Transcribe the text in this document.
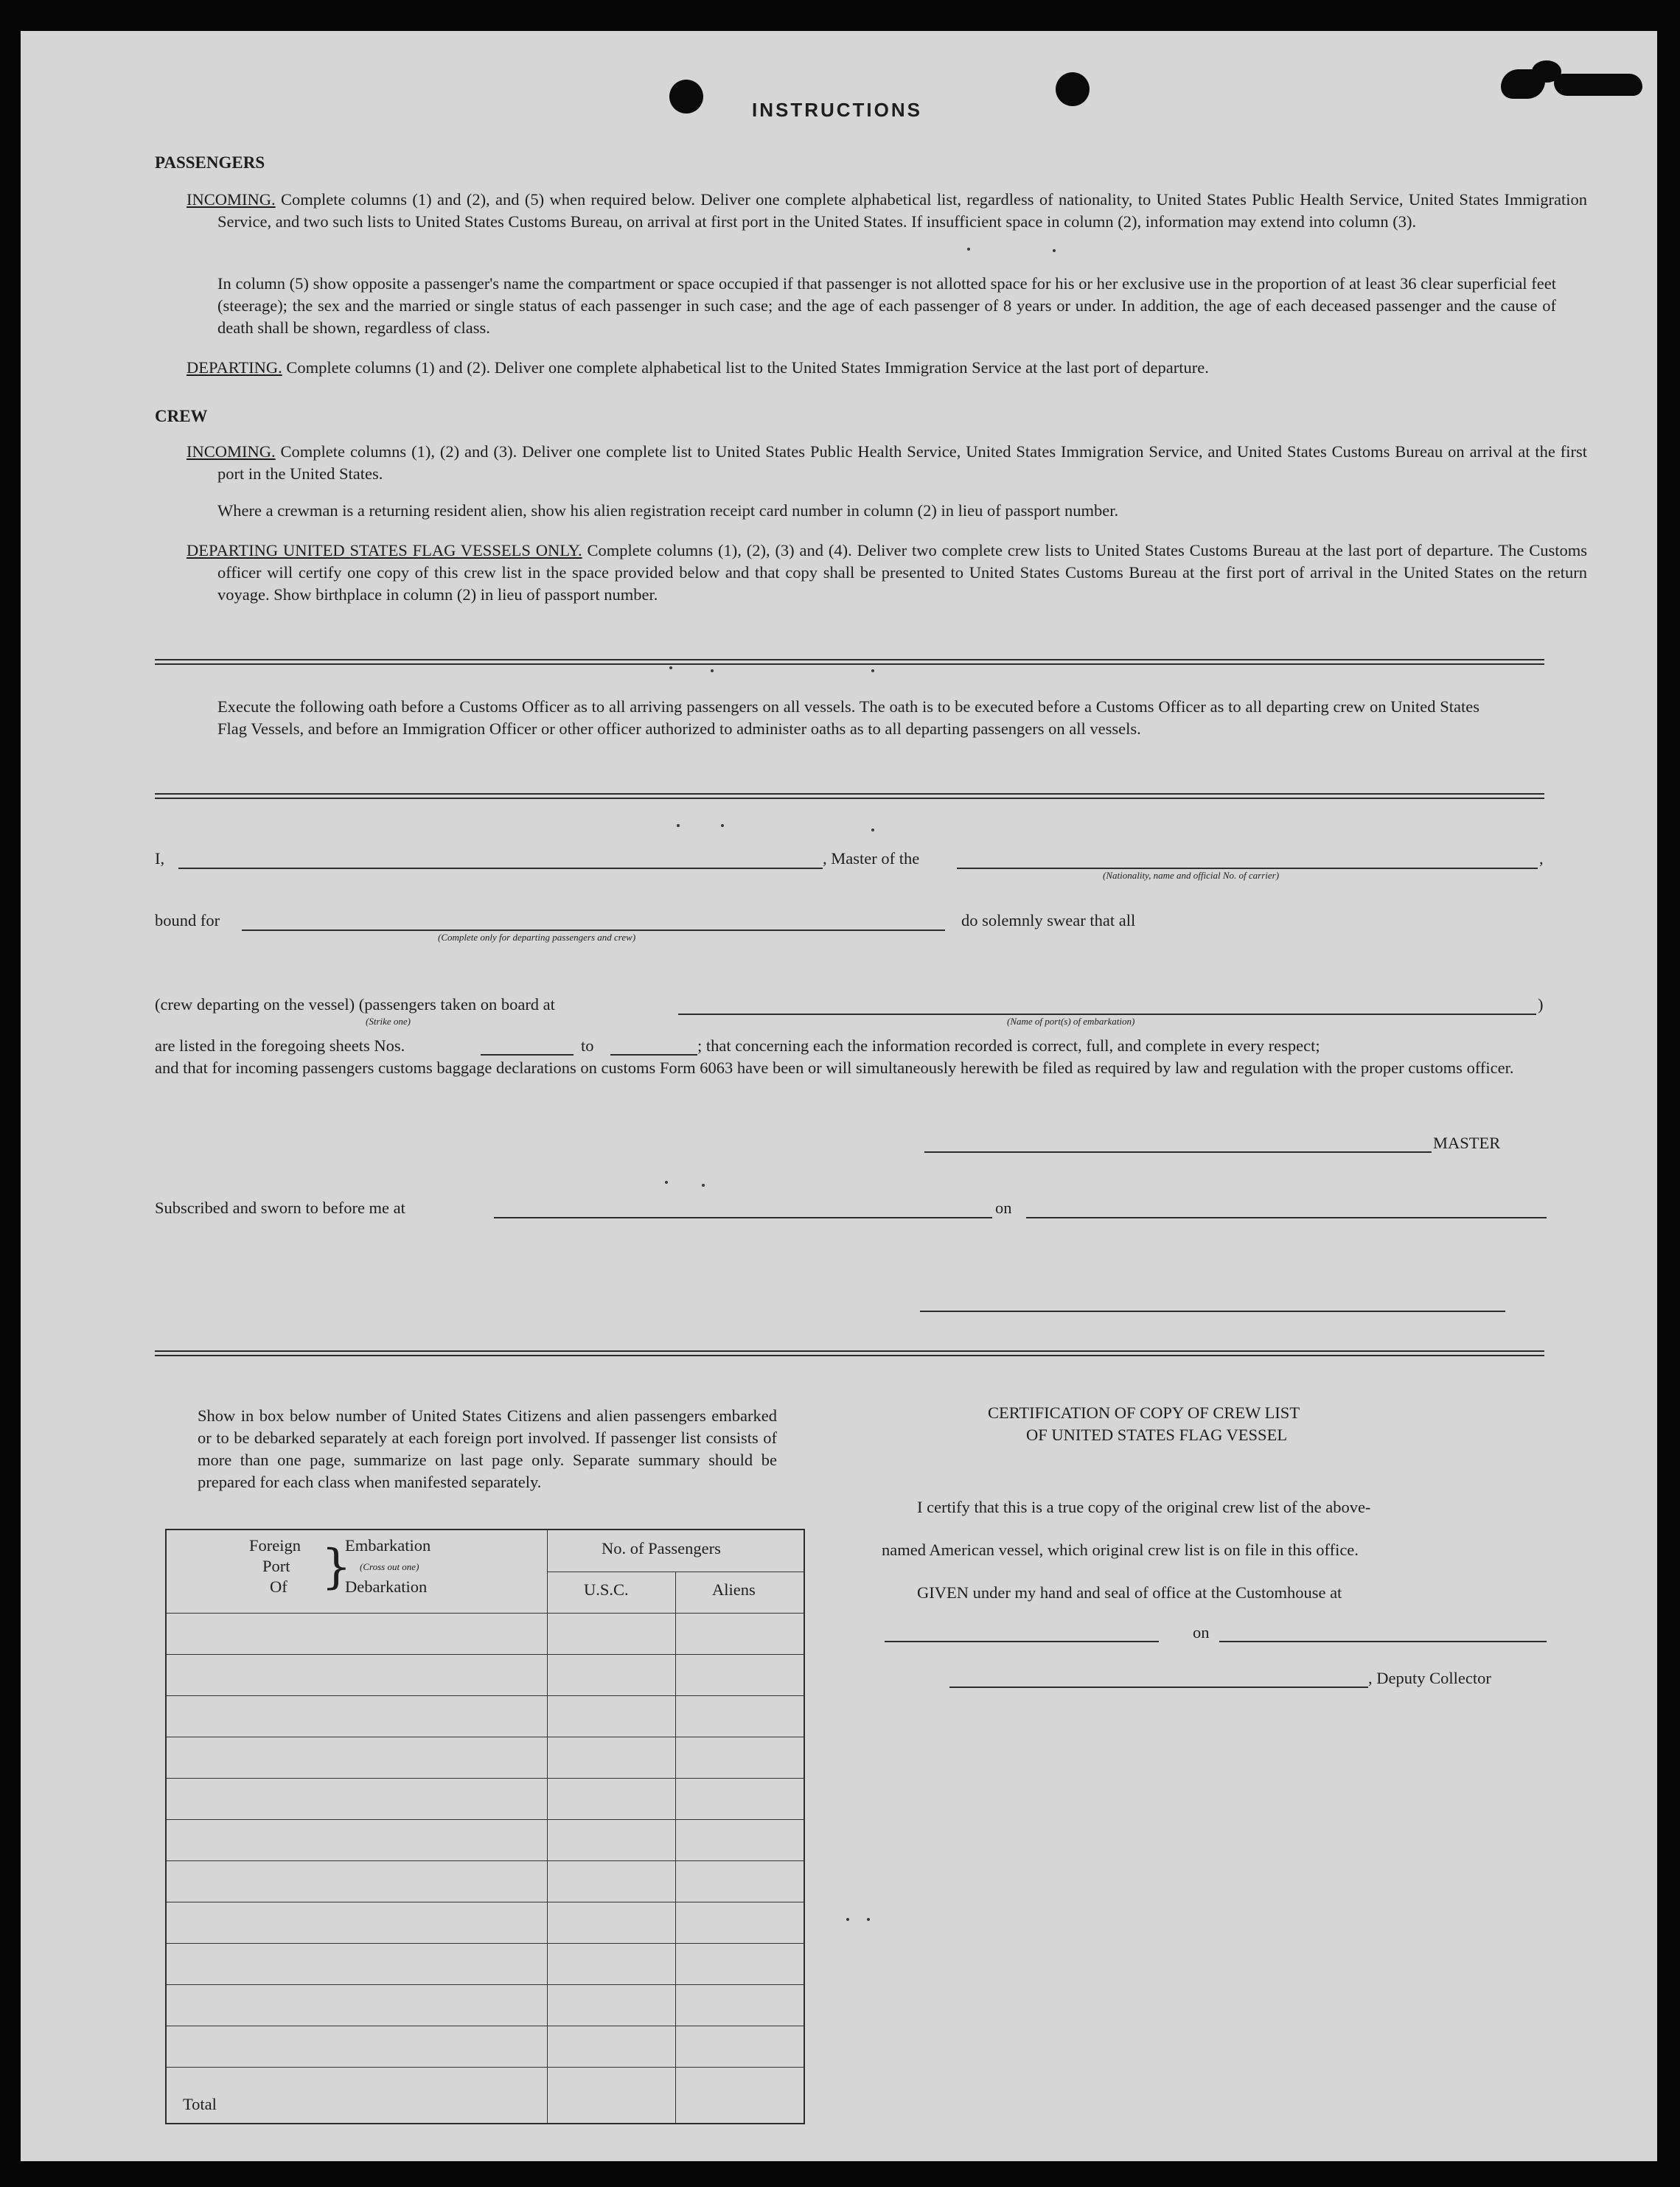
INSTRUCTIONS
PASSENGERS
INCOMING. Complete columns (1) and (2), and (5) when required below. Deliver one complete alphabetical list, regardless of nationality, to United States Public Health Service, United States Immigration Service, and two such lists to United States Customs Bureau, on arrival at first port in the United States. If insufficient space in column (2), information may extend into column (3).
In column (5) show opposite a passenger's name the compartment or space occupied if that passenger is not allotted space for his or her exclusive use in the proportion of at least 36 clear superficial feet (steerage); the sex and the married or single status of each passenger in such case; and the age of each passenger of 8 years or under. In addition, the age of each deceased passenger and the cause of death shall be shown, regardless of class.
DEPARTING. Complete columns (1) and (2). Deliver one complete alphabetical list to the United States Immigration Service at the last port of departure.
CREW
INCOMING. Complete columns (1), (2) and (3). Deliver one complete list to United States Public Health Service, United States Immigration Service, and United States Customs Bureau on arrival at the first port in the United States.
Where a crewman is a returning resident alien, show his alien registration receipt card number in column (2) in lieu of passport number.
DEPARTING UNITED STATES FLAG VESSELS ONLY. Complete columns (1), (2), (3) and (4). Deliver two complete crew lists to United States Customs Bureau at the last port of departure. The Customs officer will certify one copy of this crew list in the space provided below and that copy shall be presented to United States Customs Bureau at the first port of arrival in the United States on the return voyage. Show birthplace in column (2) in lieu of passport number.
Execute the following oath before a Customs Officer as to all arriving passengers on all vessels. The oath is to be executed before a Customs Officer as to all departing crew on United States Flag Vessels, and before an Immigration Officer or other officer authorized to administer oaths as to all departing passengers on all vessels.
I,	, Master of the	,
(Nationality, name and official No. of carrier)
bound for
(Complete only for departing passengers and crew)
do solemnly swear that all
(crew departing on the vessel) (passengers taken on board at
(Strike one)
)
(Name of port(s) of embarkation)
are listed in the foregoing sheets Nos.	to	; that concerning each the information recorded is correct, full, and complete in every respect;
and that for incoming passengers customs baggage declarations on customs Form 6063 have been or will simultaneously herewith be filed as required by law and regulation with the proper customs officer.
MASTER
Subscribed and sworn to before me at	on
Show in box below number of United States Citizens and alien passengers embarked or to be debarked separately at each foreign port involved. If passenger list consists of more than one page, summarize on last page only. Separate summary should be prepared for each class when manifested separately.
Foreign
Port
Of }
Embarkation
(Cross out one)
Debarkation
No. of Passengers
U.S.C.	Aliens
Total
CERTIFICATION OF COPY OF CREW LIST
OF UNITED STATES FLAG VESSEL
I certify that this is a true copy of the original crew list of the above-
named American vessel, which original crew list is on file in this office.
GIVEN under my hand and seal of office at the Customhouse at
on
, Deputy Collector
